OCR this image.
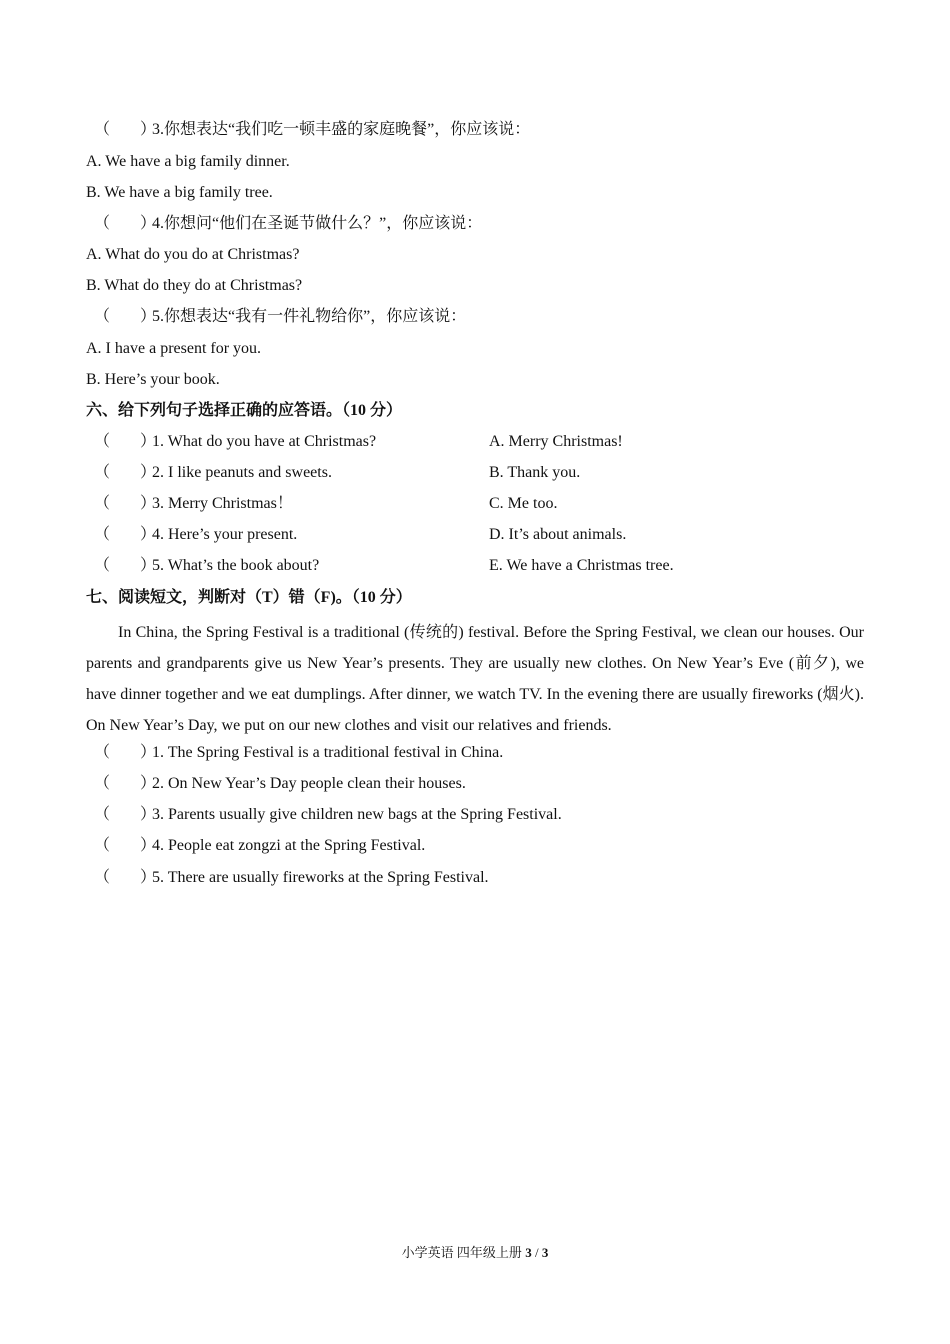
（ ）3.你想表达“我们吃一顿丰盛的家庭晚餐”，你应该说：
A. We have a big family dinner.
B. We have a big family tree.
（ ）4.你想问“他们在圣诞节做什么？”，你应该说：
A. What do you do at Christmas?
B. What do they do at Christmas?
（ ）5.你想表达“我有一件礼物给你”，你应该说：
A. I have a present for you.
B. Here’s your book.
六、给下列句子选择正确的应答语。（10 分）
（ ）1. What do you have at Christmas?	A. Merry Christmas!
（ ）2. I like peanuts and sweets.	B. Thank you.
（ ）3. Merry Christmas！	C. Me too.
（ ）4. Here’s your present.	D. It’s about animals.
（ ）5. What’s the book about?	E. We have a Christmas tree.
七、阅读短文，判断对（T）错（F)。（10 分）
In China, the Spring Festival is a traditional (传统的) festival. Before the Spring Festival, we clean our houses. Our parents and grandparents give us New Year’s presents. They are usually new clothes. On New Year’s Eve (前夕), we have dinner together and we eat dumplings. After dinner, we watch TV. In the evening there are usually fireworks (烟火). On New Year’s Day, we put on our new clothes and visit our relatives and friends.
（ ）1. The Spring Festival is a traditional festival in China.
（ ）2. On New Year’s Day people clean their houses.
（ ）3. Parents usually give children new bags at the Spring Festival.
（ ）4. People eat zongzi at the Spring Festival.
（ ）5. There are usually fireworks at the Spring Festival.
小学英语 四年级上册 3 / 3
